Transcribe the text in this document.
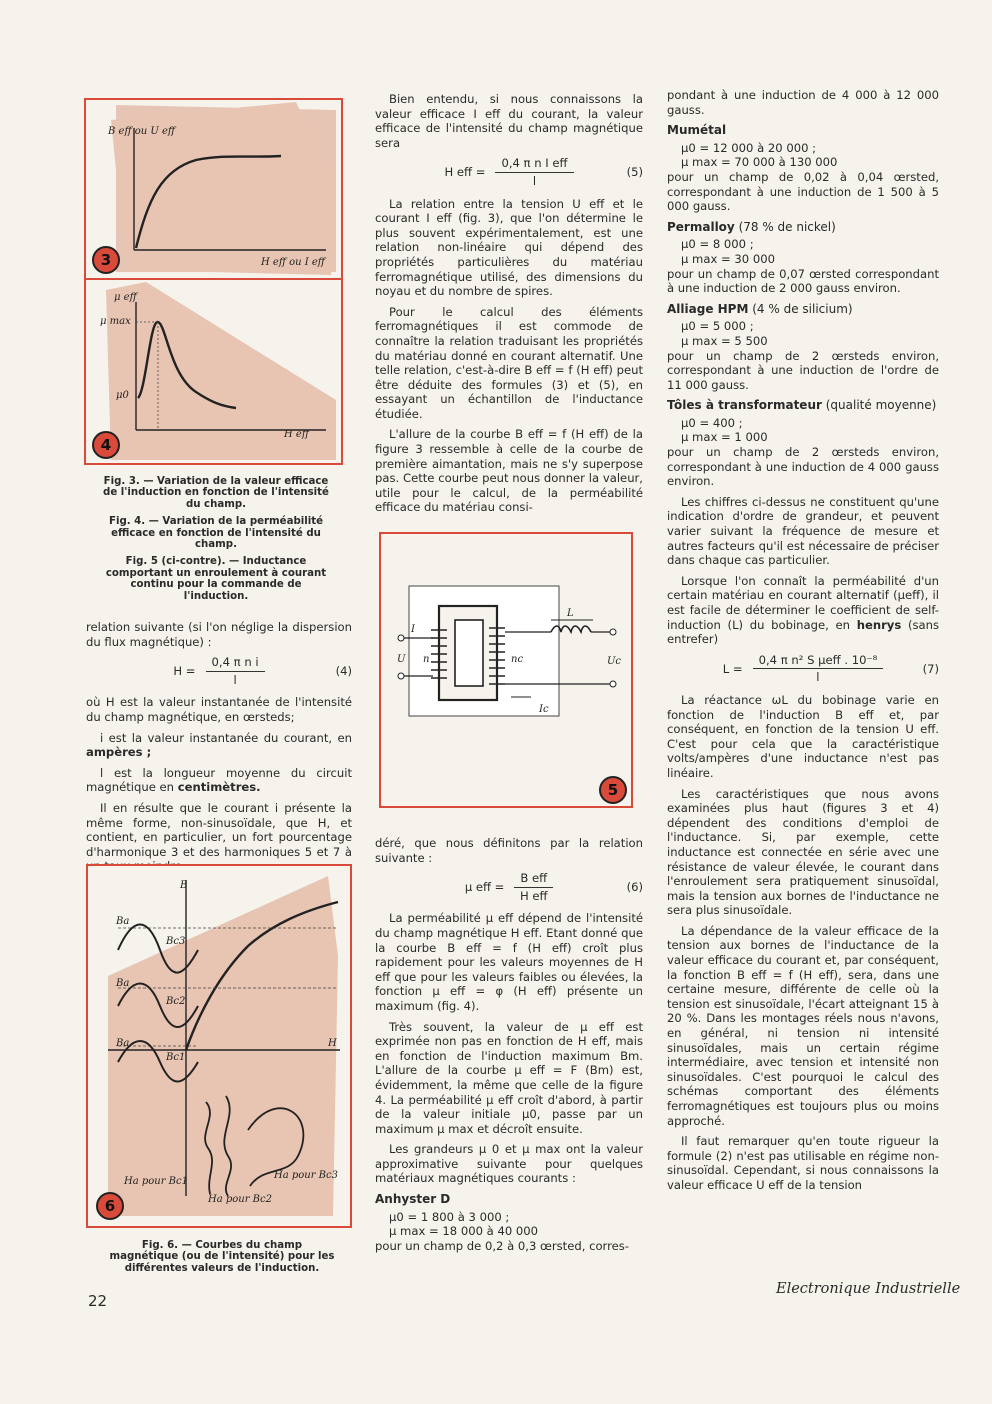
B eff ou U eff
H eff ou I eff
3
μ eff
μ max
μ0
H eff
4
Fig. 3. — Variation de la valeur efficace de l'induction en fonction de l'intensité du champ.
Fig. 4. — Variation de la perméabilité efficace en fonction de l'intensité du champ.
Fig. 5 (ci-contre). — Inductance comportant un enroulement à courant continu pour la commande de l'induction.

relation suivante (si l'on néglige la dispersion du flux magnétique) :

$H = \frac{\text{0,4 π n i}}{l}$	(4)

où H est la valeur instantanée de l'intensité du champ magnétique, en œrsteds;

i est la valeur instantanée du courant, en ampères ;

l est la longueur moyenne du circuit magnétique en centimètres.

Il en résulte que le courant i présente la même forme, non-sinusoïdale, que H, et contient, en particulier, un fort pourcentage d'harmonique 3 et des harmoniques 5 et 7 à

B
H
Ba
Bc3
Ba
Bc2
Ba
Bc1
Ha pour Bc1
Ha pour Bc2
Ha pour Bc3
6
Fig. 6. — Courbes du champ magnétique (ou de l'intensité) pour les différentes valeurs de l'induction.

Bien entendu, si nous connaissons la valeur efficace I eff du courant, la valeur efficace de l'intensité du champ magnétique sera

H eff = $\frac{\text{0,4 π n I eff}}{l}$	(5)

La relation entre la tension U eff et le courant I eff (fig. 3), que l'on détermine le plus souvent expérimentalement, est une relation non-linéaire qui dépend des propriétés particulières du matériau ferromagnétique utilisé, des dimensions du noyau et du nombre de spires.

Pour le calcul des éléments ferromagnétiques il est commode de connaître la relation traduisant les propriétés du matériau donné en courant alternatif. Une telle relation, c'est-à-dire B eff = f (H eff) peut être déduite des formules (3) et (5), en essayant un échantillon de l'inductance étudiée.

L'allure de la courbe B eff = f (H eff) de la figure 3 ressemble à celle de la courbe de première aimantation, mais ne s'y superpose pas. Cette courbe peut nous donner la valeur, utile pour le calcul, de la perméabilité efficace du matériau consi-

I
U n	nc
L
Uc
Ic
5

déré, que nous définitons par la relation suivante :

μ eff = $\frac{\text{B eff}}{\text{H eff}}$	(6)

La perméabilité μ eff dépend de l'intensité du champ magnétique H eff. Etant donné que la courbe B eff = f (H eff) croît plus rapidement pour les valeurs moyennes de H eff que pour les valeurs faibles ou élevées, la fonction μ eff = φ (H eff) présente un maximum (fig. 4).

Très souvent, la valeur de μ eff est exprimée non pas en fonction de H eff, mais en fonction de l'induction maximum Bm. L'allure de la courbe μ eff = F (Bm) est, évidemment, la même que celle de la figure 4. La perméabilité μ eff croît d'abord, à partir de la valeur initiale μ0, passe par un maximum μ max et décroît ensuite.

Les grandeurs μ 0 et μ max ont la valeur approximative suivante pour quelques matériaux magnétiques courants :

Anhyster D
μ0 = 1 800 à 3 000 ;
μ max = 18 000 à 40 000

pour un champ de 0,2 à 0,3 œrsted, corres-

pondant à une induction de 4 000 à 12 000 gauss.

Mumétal
μ0 = 12 000 à 20 000 ;
μ max = 70 000 à 130 000

pour un champ de 0,02 à 0,04 œrsted, correspondant à une induction de 1 500 à 5 000 gauss.

Permalloy (78 % de nickel)
μ0 = 8 000 ;
μ max = 30 000

pour un champ de 0,07 œrsted correspondant à une induction de 2 000 gauss environ.

Alliage HPM (4 % de silicium)
μ0 = 5 000 ;
μ max = 5 500

pour un champ de 2 œrsteds environ, correspondant à une induction de l'ordre de 11 000 gauss.

Tôles à transformateur (qualité moyenne)
μ0 = 400 ;
μ max = 1 000

pour un champ de 2 œrsteds environ, correspondant à une induction de 4 000 gauss environ.

Les chiffres ci-dessus ne constituent qu'une indication d'ordre de grandeur, et peuvent varier suivant la fréquence de mesure et autres facteurs qu'il est nécessaire de préciser dans chaque cas particulier.

Lorsque l'on connaît la perméabilité d'un certain matériau en courant alternatif (μeff), il est facile de déterminer le coefficient de self-induction (L) du bobinage, en henrys (sans entrefer)

$L = \frac{\text{0,4 π n² S μeff . 10⁻⁸}}{l}$	(7)

La réactance ωL du bobinage varie en fonction de l'induction B eff et, par conséquent, en fonction de la tension U eff. C'est pour cela que la caractéristique volts/ampères d'une inductance n'est pas linéaire.

Les caractéristiques que nous avons examinées plus haut (figures 3 et 4) dépendent des conditions d'emploi de l'inductance. Si, par exemple, cette inductance est connectée en série avec une résistance de valeur élevée, le courant dans l'enroulement sera pratiquement sinusoïdal, mais la tension aux bornes de l'inductance ne sera plus sinusoïdale.

La dépendance de la valeur efficace de la tension aux bornes de l'inductance de la valeur efficace du courant et, par conséquent, la fonction B eff = f (H eff), sera, dans une certaine mesure, différente de celle où la tension est sinusoïdale, l'écart atteignant 15 à 20 %. Dans les montages réels nous n'avons, en général, ni tension ni intensité sinusoïdales, mais un certain régime intermédiaire, avec tension et intensité non sinusoïdales. C'est pourquoi le calcul des schémas comportant des éléments ferromagnétiques est toujours plus ou moins approché.

Il faut remarquer qu'en toute rigueur la formule (2) n'est pas utilisable en régime non-sinusoïdal. Cependant, si nous connaissons la valeur efficace U eff de la tension

22
Electronique Industrielle
